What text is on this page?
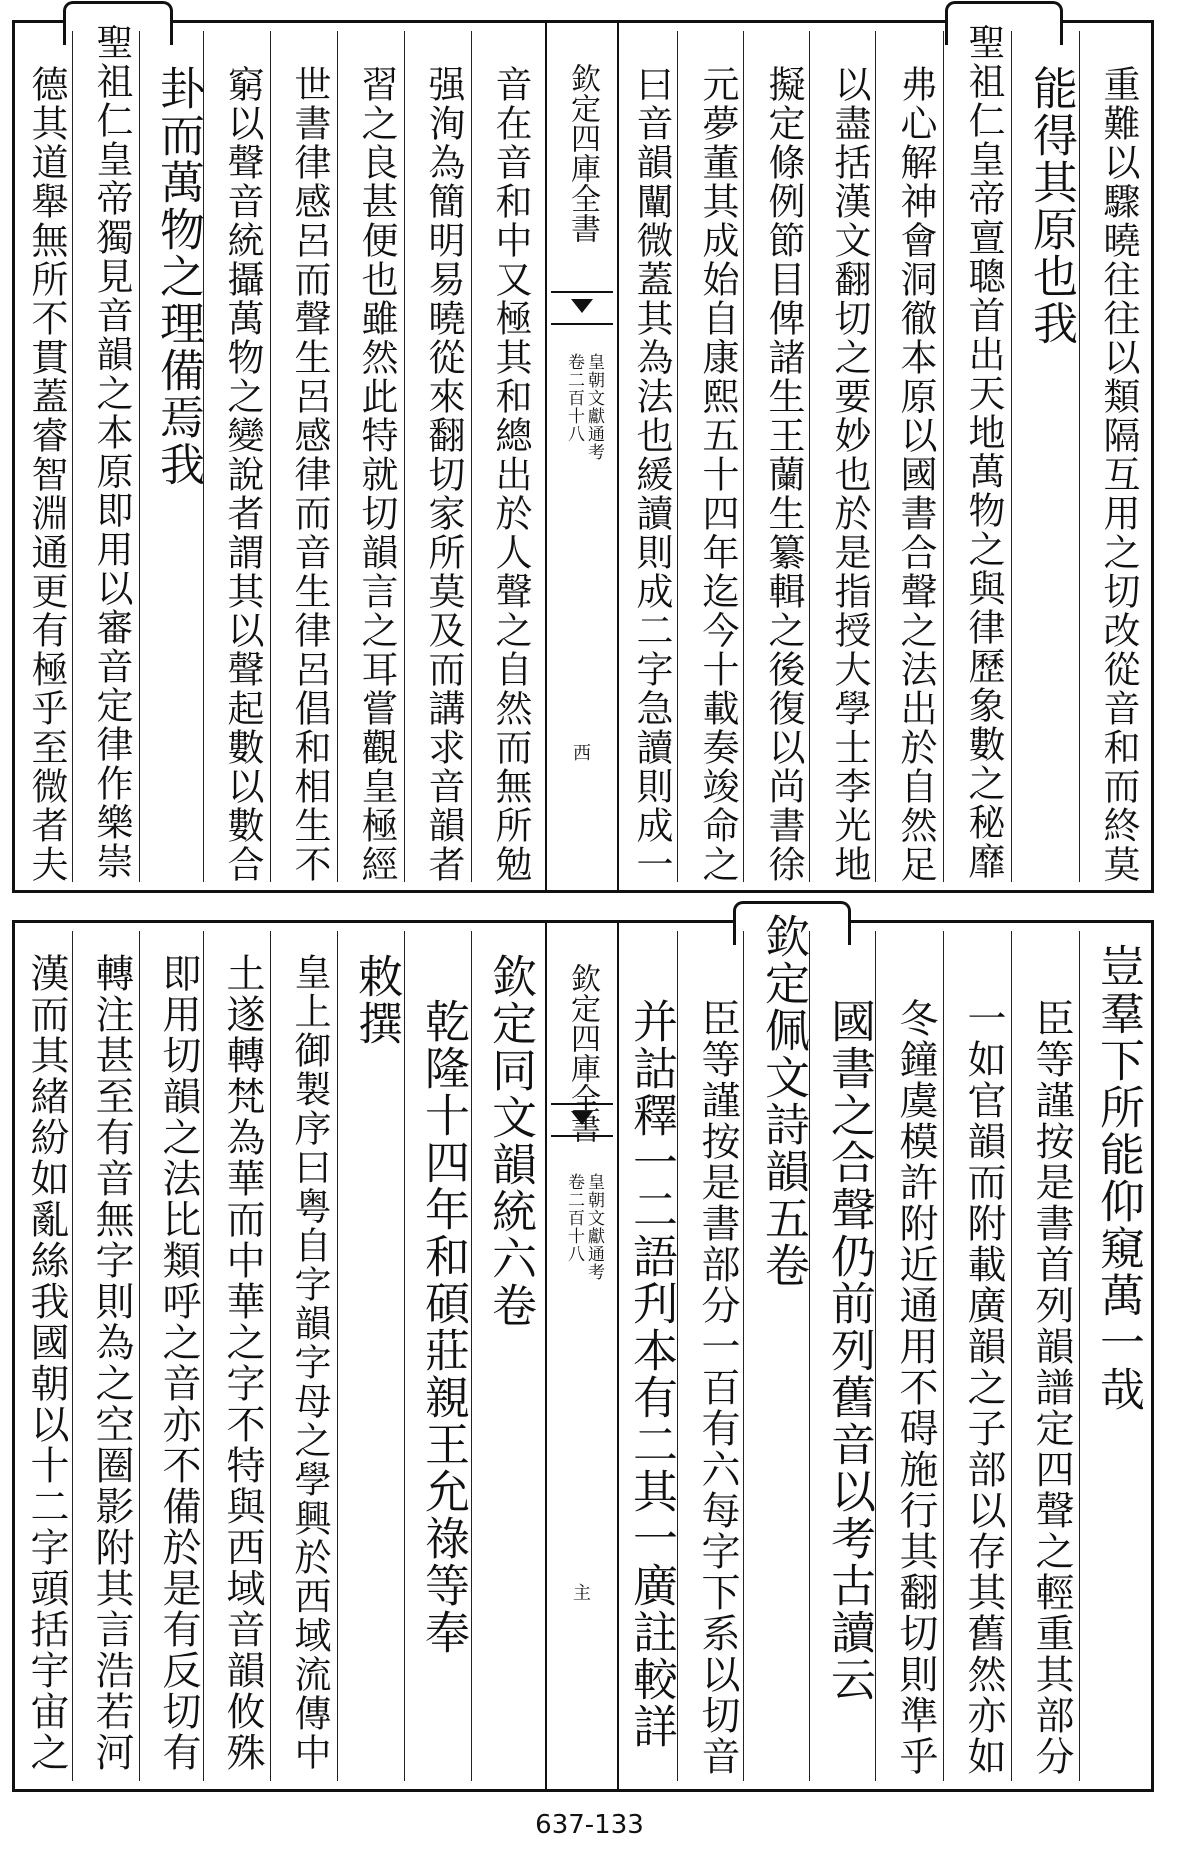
重難以驟曉往往以類隔互用之切改從音和而終莫
能得其原也我
聖祖仁皇帝亶聰首出天地萬物之與律歷象數之秘靡
弗心解神會洞徹本原以國書合聲之法出於自然足
以盡括漢文翻切之要妙也於是指授大學士李光地
擬定條例節目俾諸生王蘭生纂輯之後復以尚書徐
元夢董其成始自康熙五十四年迄今十載奏竣命之
曰音韻闡微蓋其為法也緩讀則成二字急讀則成一
欽定四庫全書
皇朝文獻通考
卷二百十八
西
音在音和中又極其和總出於人聲之自然而無所勉
强洵為簡明易曉從來翻切家所莫及而講求音韻者
習之良甚便也雖然此特就切韻言之耳嘗觀皇極經
世書律感呂而聲生呂感律而音生律呂倡和相生不
窮以聲音統攝萬物之變說者謂其以聲起數以數合
卦而萬物之理備焉我
聖祖仁皇帝獨見音韻之本原即用以審音定律作樂崇
德其道舉無所不貫蓋睿智淵通更有極乎至微者夫
豈羣下所能仰窺萬一哉
臣等謹按是書首列韻譜定四聲之輕重其部分
一如官韻而附載廣韻之子部以存其舊然亦如
冬鐘虞模許附近通用不碍施行其翻切則準乎
國書之合聲仍前列舊音以考古讀云
欽定佩文詩韻五卷
臣等謹按是書部分一百有六每字下系以切音
并詁釋一二語刋本有二其一廣註較詳
欽定四庫全書
皇朝文獻通考
卷二百十八
主
欽定同文韻統六卷
乾隆十四年和碩莊親王允祿等奉
敕撰
皇上御製序曰粤自字韻字母之學興於西域流傳中
土遂轉梵為華而中華之字不特與西域音韻攸殊
即用切韻之法比類呼之音亦不備於是有反切有
轉注甚至有音無字則為之空圈影附其言浩若河
漢而其緒紛如亂絲我國朝以十二字頭括宇宙之
637-133
